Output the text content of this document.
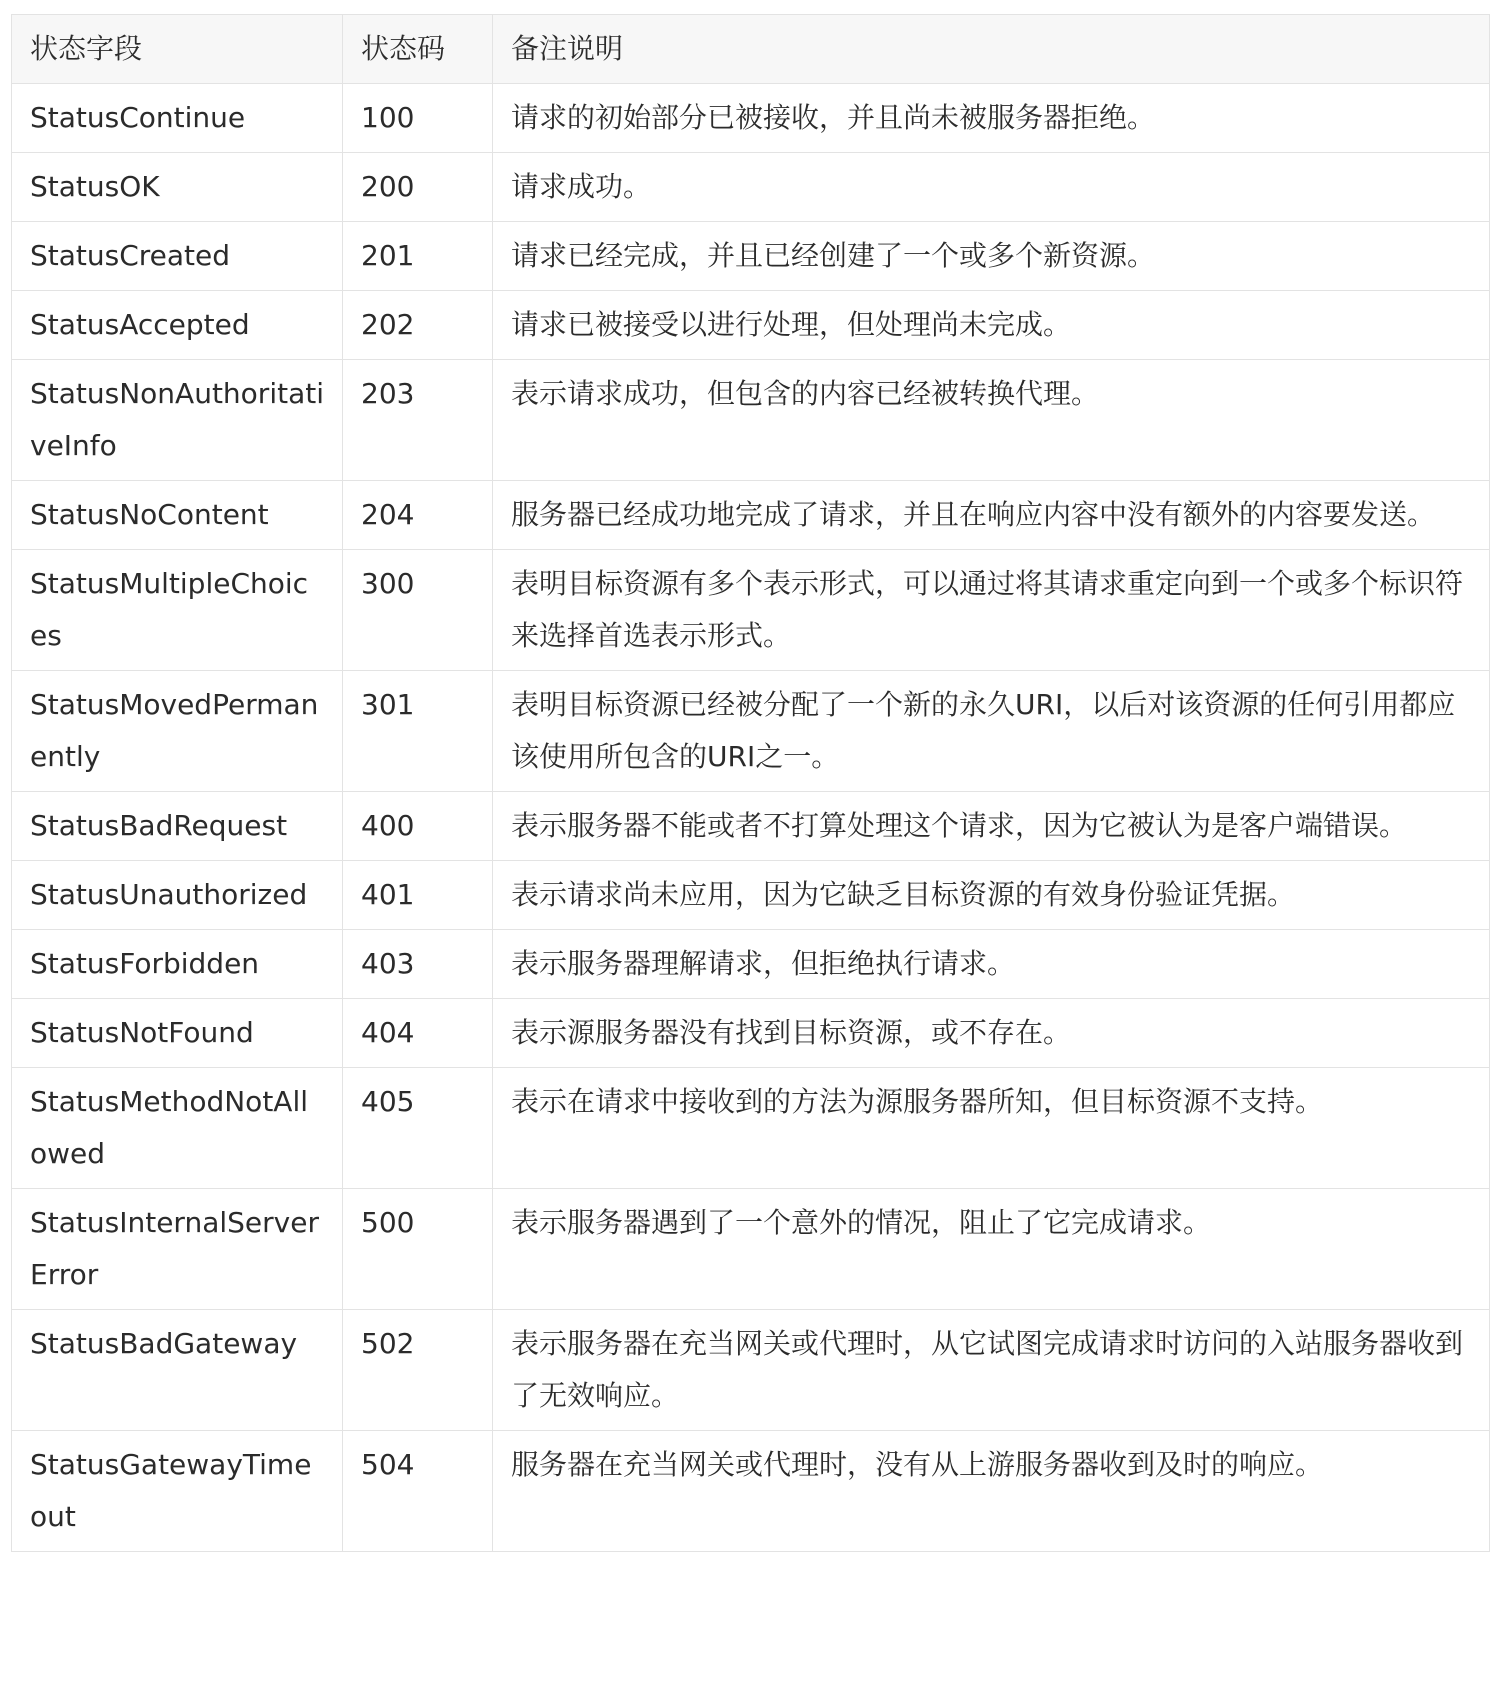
状态字段	状态码	备注说明
StatusContinue	100	请求的初始部分已被接收，并且尚未被服务器拒绝。
StatusOK	200	请求成功。
StatusCreated	201	请求已经完成，并且已经创建了一个或多个新资源。
StatusAccepted	202	请求已被接受以进行处理，但处理尚未完成。
StatusNonAuthoritativeInfo	203	表示请求成功，但包含的内容已经被转换代理。
StatusNoContent	204	服务器已经成功地完成了请求，并且在响应内容中没有额外的内容要发送。
StatusMultipleChoices	300	表明目标资源有多个表示形式，可以通过将其请求重定向到一个或多个标识符来选择首选表示形式。
StatusMovedPermanently	301	表明目标资源已经被分配了一个新的永久URI，以后对该资源的任何引用都应该使用所包含的URI之一。
StatusBadRequest	400	表示服务器不能或者不打算处理这个请求，因为它被认为是客户端错误。
StatusUnauthorized	401	表示请求尚未应用，因为它缺乏目标资源的有效身份验证凭据。
StatusForbidden	403	表示服务器理解请求，但拒绝执行请求。
StatusNotFound	404	表示源服务器没有找到目标资源，或不存在。
StatusMethodNotAllowed	405	表示在请求中接收到的方法为源服务器所知，但目标资源不支持。
StatusInternalServerError	500	表示服务器遇到了一个意外的情况，阻止了它完成请求。
StatusBadGateway	502	表示服务器在充当网关或代理时，从它试图完成请求时访问的入站服务器收到了无效响应。
StatusGatewayTimeout	504	服务器在充当网关或代理时，没有从上游服务器收到及时的响应。
